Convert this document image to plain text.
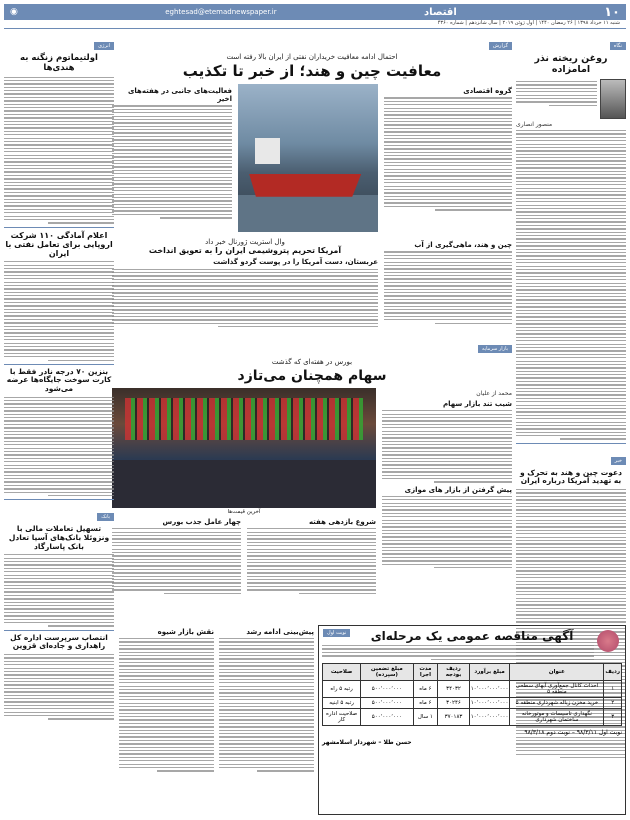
۱۰
اقتصاد
eghtesad@etemadnewspaper.ir
◉
شنبه ۱۱ خرداد ۱۳۹۸ | ۲۶ رمضان ۱۴۴۰ | اول ژوئن ۲۰۱۹ | سال شانزدهم | شماره ۴۳۶۰
نگاه
روغن ریخته نذر امامزاده
منصور انصاری
خبر
دعوت چین و هند به تحرک و به تهدید آمریکا درباره ایران
گزارش
احتمال ادامه معافیت خریداران نفتی از ایران بالا رفته است
معافیت چین و هند؛ از خبر تا تکذیب
گروه اقتصادی
فعالیت‌های جانبی در هفته‌های اخیر
چین و هند، ماهی‌گیری از آب
وال استریت ژورنال خبر داد
آمریکا تحریم پتروشیمی ایران را به تعویق انداخت
عربستان، دست آمریکا را در پوست گردو گذاشت
بازار سرمایه
بورس در هفته‌ای که گذشت
سهام همچنان می‌تازد
محمد از علیان
شیب تند بازار سهام
پیش گرفتن از بازار های موازی
آخرین قیمت‌ها
شروع بازدهی هفته
چهار عامل جذب بورس
پیش‌بینی ادامه رشد
نقش بازار شیوه
انرژی
اولتیماتوم زنگنه به هندی‌ها
اعلام آمادگی ۱۱۰ شرکت اروپایی برای تعامل نفتی با ایران
بنزین ۷۰ درجه نادر فقط با کارت سوخت جایگاه‌ها عرضه می‌شود
بانک
تسهیل تعاملات مالی با ونزوئلا بانک‌های آسیا تعادل بانک پاسارگاد
انتصاب سرپرست اداره کل راهداری و جاده‌ای قزوین
نوبت اول	آگهی مناقصه عمومی یک مرحله‌ای
ردیف	عنوان	مبلغ برآورد	ردیف بودجه	مدت اجرا	مبلغ تضمین (سپرده)	صلاحیت
۱	احداث کانال جمع‌آوری آبهای سطحی منطقه ۵	۱۰٬۰۰۰٬۰۰۰٬۰۰۰	۳۴۰۳۲	۶ ماه	۵۰۰٬۰۰۰٬۰۰۰	رتبه ۵ راه
۲	خرید مخزن زباله شهرداری منطقه ۵	۱۰٬۰۰۰٬۰۰۰٬۰۰۰	۳۰۲۴۶	۶ ماه	۵۰۰٬۰۰۰٬۰۰۰	رتبه ۵ ابنیه
۳	نگهداری تاسیسات و موتورخانه ساختمان شهرداری	۱۰٬۰۰۰٬۰۰۰٬۰۰۰	۳۷۰۱۸۳	۱ سال	۵۰۰٬۰۰۰٬۰۰۰	صلاحیت اداره کار
نوبت اول ۹۸/۳/۱۱ – نوبت دوم ۹۸/۳/۱۸
حسن طلا – شهردار اسلامشهر
